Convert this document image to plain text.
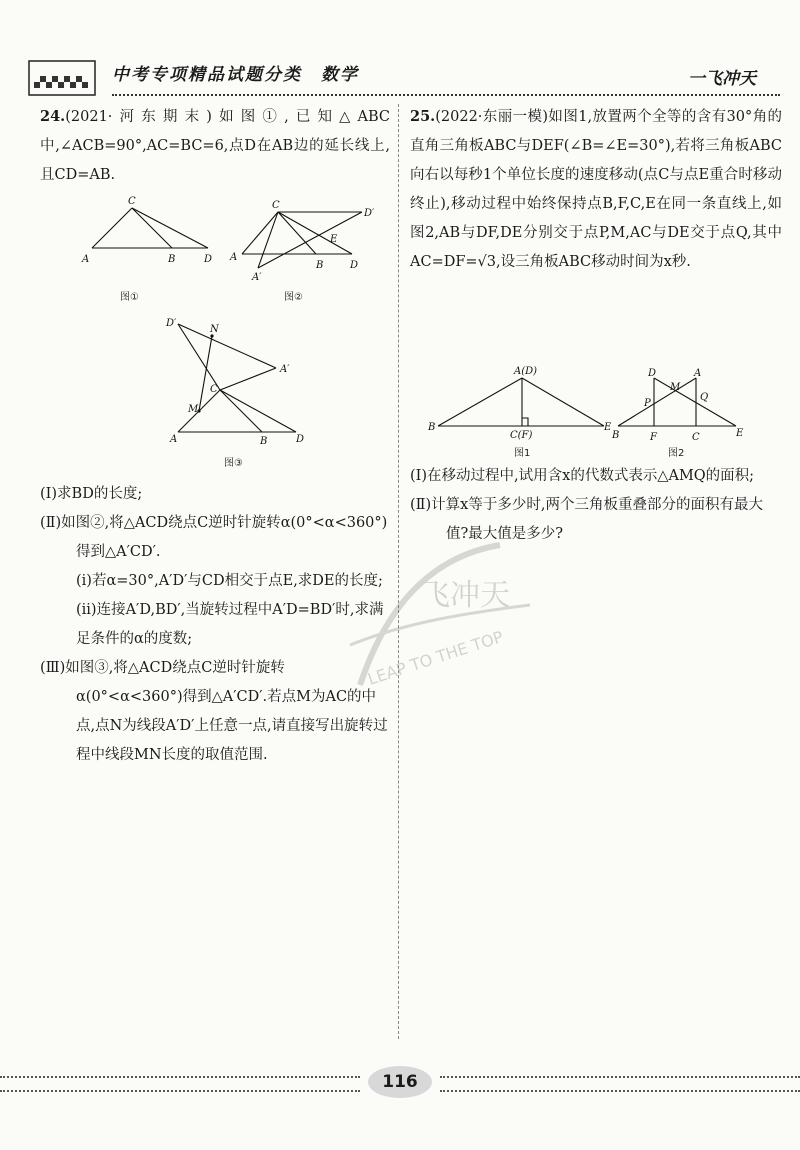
中考专项精品试题分类　数学	一飞冲天

24.(2021·河东期末)如图①,已知△ABC中,∠ACB=90°,AC=BC=6,点D在AB边的延长线上,且CD=AB.

C
A	B	D
图①
C
D′
E
A
A′
B	D
图②
D′
N
A′
C
M
A	B	D
图③

(Ⅰ)求BD的长度;

(Ⅱ)如图②,将△ACD绕点C逆时针旋转α(0°<α<360°)得到△A′CD′.

(ⅰ)若α=30°,A′D′与CD相交于点E,求DE的长度;

(ⅱ)连接A′D,BD′,当旋转过程中A′D=BD′时,求满足条件的α的度数;

(Ⅲ)如图③,将△ACD绕点C逆时针旋转α(0°<α<360°)得到△A′CD′.若点M为AC的中点,点N为线段A′D′上任意一点,请直接写出旋转过程中线段MN长度的取值范围.

25.(2022·东丽一模)如图1,放置两个全等的含有30°角的直角三角板ABC与DEF(∠B=∠E=30°),若将三角板ABC向右以每秒1个单位长度的速度移动(点C与点E重合时移动终止),移动过程中始终保持点B,F,C,E在同一条直线上,如图2,AB与DF,DE分别交于点P,M,AC与DE交于点Q,其中AC=DF=√3,设三角板ABC移动时间为x秒.

A(D)
B
C(F)
E
图1
D
M
A
P
Q
B	F	C	E
图2

(Ⅰ)在移动过程中,试用含x的代数式表示△AMQ的面积;

(Ⅱ)计算x等于多少时,两个三角板重叠部分的面积有最大值?最大值是多少?

飞冲天
LEAP TO THE TOP
116
